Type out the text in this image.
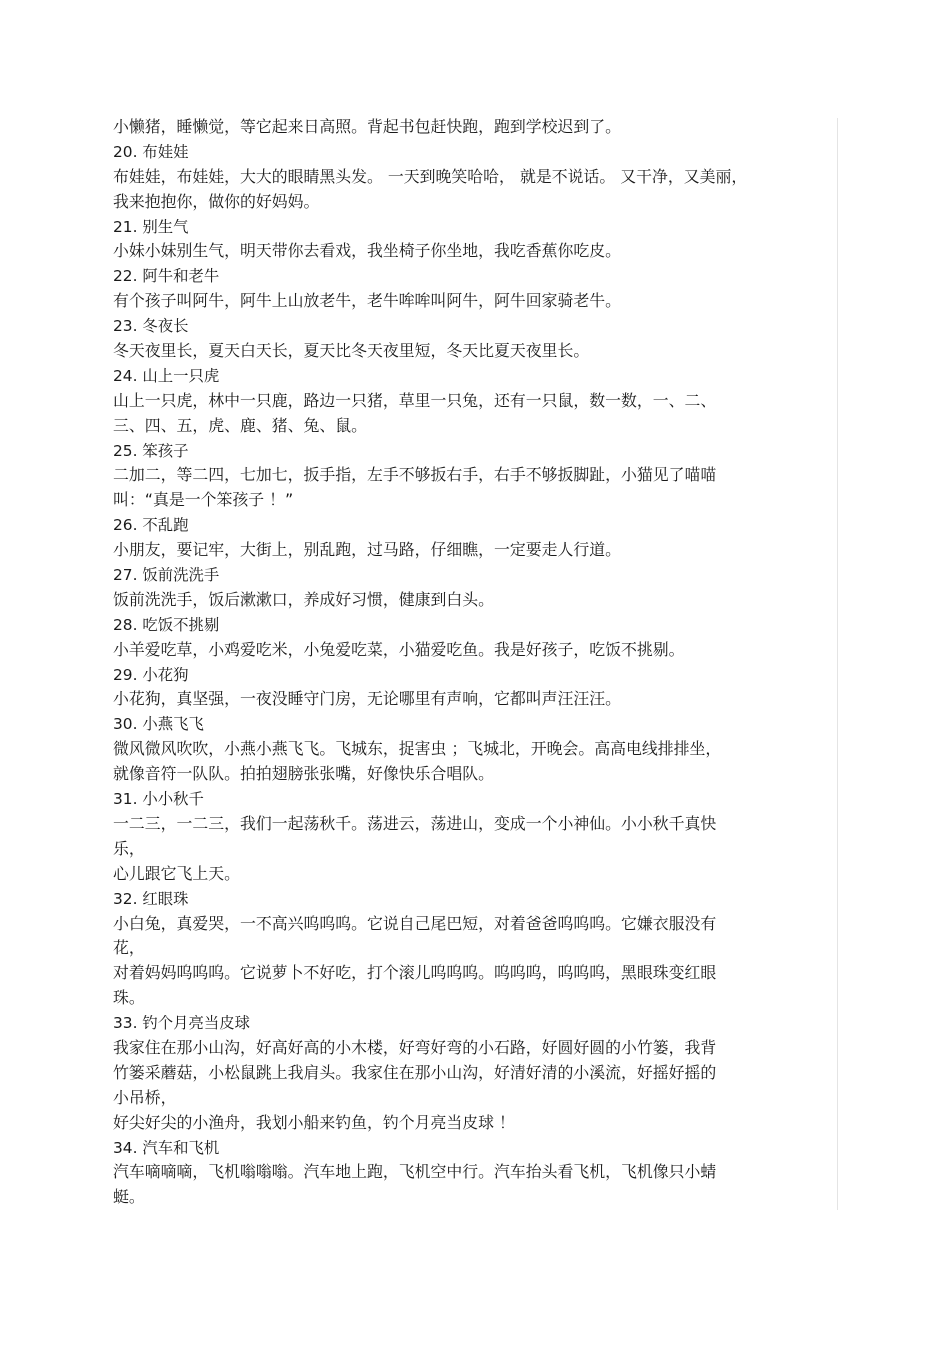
小懒猪，睡懒觉，等它起来日高照。背起书包赶快跑，跑到学校迟到了。
20. 布娃娃
布娃娃，布娃娃，大大的眼睛黑头发。 一天到晚笑哈哈， 就是不说话。 又干净，又美丽，
我来抱抱你，做你的好妈妈。
21. 别生气
小妹小妹别生气，明天带你去看戏，我坐椅子你坐地，我吃香蕉你吃皮。
22. 阿牛和老牛
有个孩子叫阿牛，阿牛上山放老牛，老牛哞哞叫阿牛，阿牛回家骑老牛。
23. 冬夜长
冬天夜里长，夏天白天长，夏天比冬天夜里短，冬天比夏天夜里长。
24. 山上一只虎
山上一只虎，林中一只鹿，路边一只猪，草里一只兔，还有一只鼠，数一数，一、二、
三、四、五，虎、鹿、猪、兔、鼠。
25. 笨孩子
二加二，等二四，七加七，扳手指，左手不够扳右手，右手不够扳脚趾，小猫见了喵喵
叫：“真是一个笨孩子 ！”
26. 不乱跑
小朋友，要记牢，大街上，别乱跑，过马路，仔细瞧，一定要走人行道。
27. 饭前洗洗手
饭前洗洗手，饭后漱漱口，养成好习惯，健康到白头。
28. 吃饭不挑剔
小羊爱吃草，小鸡爱吃米，小兔爱吃菜，小猫爱吃鱼。我是好孩子，吃饭不挑剔。
29. 小花狗
小花狗，真坚强，一夜没睡守门房，无论哪里有声响，它都叫声汪汪汪。
30. 小燕飞飞
微风微风吹吹，小燕小燕飞飞。飞城东，捉害虫 ；飞城北，开晚会。高高电线排排坐，
就像音符一队队。拍拍翅膀张张嘴，好像快乐合唱队。
31. 小小秋千
一二三，一二三，我们一起荡秋千。荡进云，荡进山，变成一个小神仙。小小秋千真快
乐，
心儿跟它飞上天。
32. 红眼珠
小白兔，真爱哭，一不高兴呜呜呜。它说自己尾巴短，对着爸爸呜呜呜。它嫌衣服没有
花，
对着妈妈呜呜呜。它说萝卜不好吃，打个滚儿呜呜呜。呜呜呜，呜呜呜，黑眼珠变红眼
珠。
33. 钓个月亮当皮球
我家住在那小山沟，好高好高的小木楼，好弯好弯的小石路，好圆好圆的小竹篓，我背
竹篓采蘑菇，小松鼠跳上我肩头。我家住在那小山沟，好清好清的小溪流，好摇好摇的
小吊桥，
好尖好尖的小渔舟，我划小船来钓鱼，钓个月亮当皮球 ！
34. 汽车和飞机
汽车嘀嘀嘀，飞机嗡嗡嗡。汽车地上跑，飞机空中行。汽车抬头看飞机，飞机像只小蜻
蜓。
